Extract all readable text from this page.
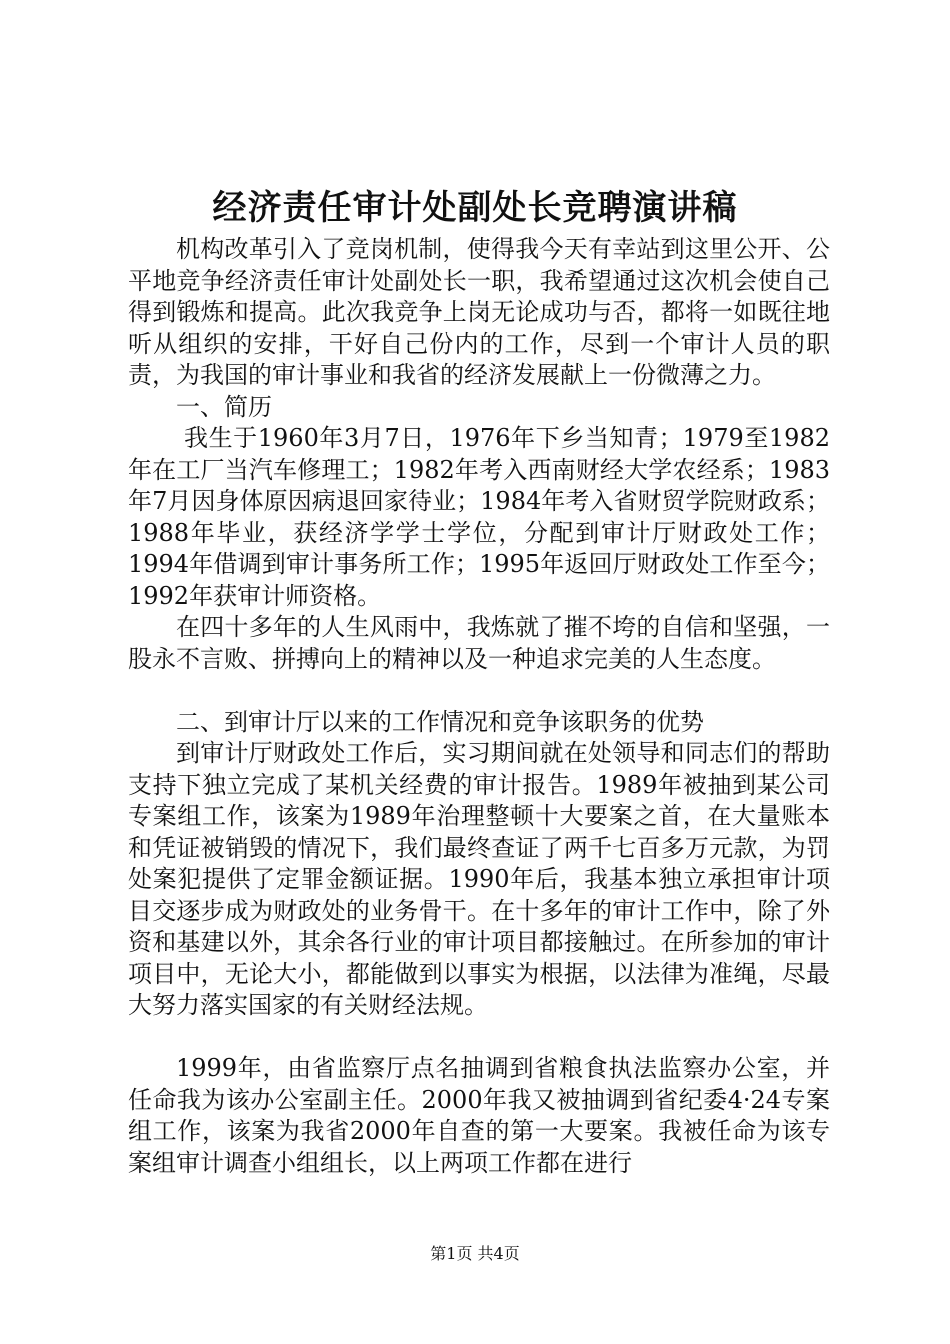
经济责任审计处副处长竞聘演讲稿

机构改革引入了竞岗机制，使得我今天有幸站到这里公开、公平地竞争经济责任审计处副处长一职，我希望通过这次机会使自己得到锻炼和提高。此次我竞争上岗无论成功与否，都将一如既往地听从组织的安排，干好自己份内的工作，尽到一个审计人员的职责，为我国的审计事业和我省的经济发展献上一份微薄之力。

一、简历

我生于1960年3月7日，1976年下乡当知青；1979至1982年在工厂当汽车修理工；1982年考入西南财经大学农经系；1983年7月因身体原因病退回家待业；1984年考入省财贸学院财政系；1988年毕业，获经济学学士学位，分配到审计厅财政处工作；1994年借调到审计事务所工作；1995年返回厅财政处工作至今；1992年获审计师资格。

在四十多年的人生风雨中，我炼就了摧不垮的自信和坚强，一股永不言败、拼搏向上的精神以及一种追求完美的人生态度。

二、到审计厅以来的工作情况和竞争该职务的优势

到审计厅财政处工作后，实习期间就在处领导和同志们的帮助支持下独立完成了某机关经费的审计报告。1989年被抽到某公司专案组工作，该案为1989年治理整顿十大要案之首，在大量账本和凭证被销毁的情况下，我们最终查证了两千七百多万元款，为罚处案犯提供了定罪金额证据。1990年后，我基本独立承担审计项目交逐步成为财政处的业务骨干。在十多年的审计工作中，除了外资和基建以外，其余各行业的审计项目都接触过。在所参加的审计项目中，无论大小，都能做到以事实为根据，以法律为准绳，尽最大努力落实国家的有关财经法规。

1999年，由省监察厅点名抽调到省粮食执法监察办公室，并任命我为该办公室副主任。2000年我又被抽调到省纪委4·24专案组工作，该案为我省2000年自查的第一大要案。我被任命为该专案组审计调查小组组长，以上两项工作都在进行

第1页 共4页
